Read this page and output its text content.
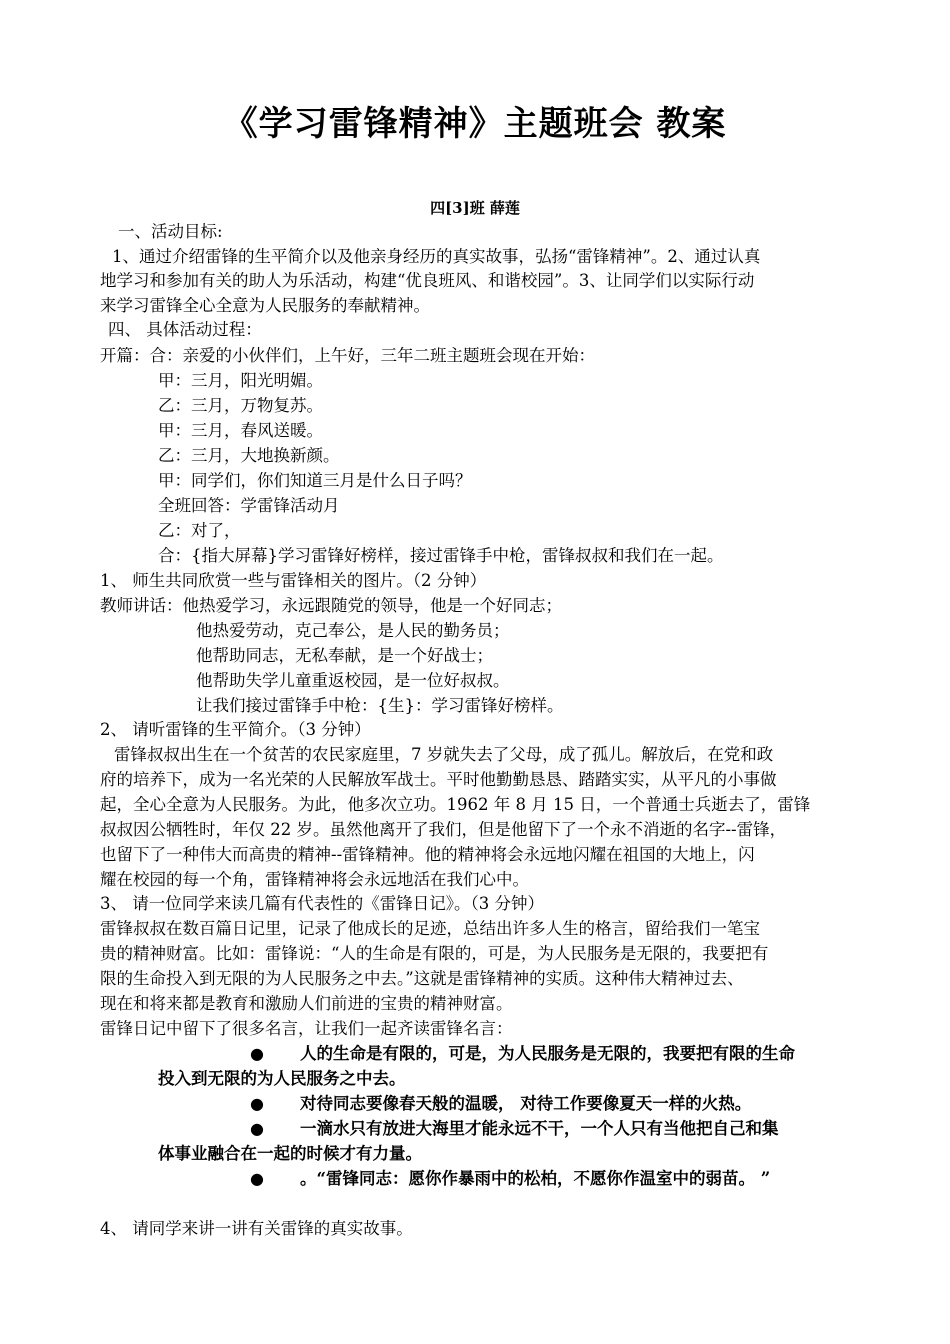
《学习雷锋精神》主题班会 教案
四[3]班 薛莲
一、活动目标:
1、通过介绍雷锋的生平简介以及他亲身经历的真实故事，弘扬“雷锋精神”。2、通过认真
地学习和参加有关的助人为乐活动，构建“优良班风、和谐校园”。3、让同学们以实际行动
来学习雷锋全心全意为人民服务的奉献精神。
四、 具体活动过程：
开篇：合：亲爱的小伙伴们，上午好，三年二班主题班会现在开始：
甲：三月，阳光明媚。
乙：三月，万物复苏。
甲：三月，春风送暖。
乙：三月，大地换新颜。
甲：同学们，你们知道三月是什么日子吗？
全班回答：学雷锋活动月
乙：对了，
合：{指大屏幕}学习雷锋好榜样，接过雷锋手中枪，雷锋叔叔和我们在一起。
1、 师生共同欣赏一些与雷锋相关的图片。（2 分钟）
教师讲话：他热爱学习，永远跟随党的领导，他是一个好同志；
他热爱劳动，克己奉公，是人民的勤务员；
他帮助同志，无私奉献，是一个好战士；
他帮助失学儿童重返校园，是一位好叔叔。
让我们接过雷锋手中枪：{生}：学习雷锋好榜样。
2、 请听雷锋的生平简介。（3 分钟）
雷锋叔叔出生在一个贫苦的农民家庭里，7 岁就失去了父母，成了孤儿。解放后，在党和政
府的培养下，成为一名光荣的人民解放军战士。平时他勤勤恳恳、踏踏实实，从平凡的小事做
起，全心全意为人民服务。为此，他多次立功。1962 年 8 月 15 日，一个普通士兵逝去了，雷锋
叔叔因公牺牲时，年仅 22 岁。虽然他离开了我们，但是他留下了一个永不消逝的名字--雷锋，
也留下了一种伟大而高贵的精神--雷锋精神。他的精神将会永远地闪耀在祖国的大地上，闪
耀在校园的每一个角，雷锋精神将会永远地活在我们心中。
3、 请一位同学来读几篇有代表性的《雷锋日记》。（3 分钟）
雷锋叔叔在数百篇日记里，记录了他成长的足迹，总结出许多人生的格言，留给我们一笔宝
贵的精神财富。比如：雷锋说：“人的生命是有限的，可是，为人民服务是无限的，我要把有
限的生命投入到无限的为人民服务之中去。”这就是雷锋精神的实质。这种伟大精神过去、
现在和将来都是教育和激励人们前进的宝贵的精神财富。
雷锋日记中留下了很多名言，让我们一起齐读雷锋名言：
● 人的生命是有限的，可是，为人民服务是无限的，我要把有限的生命
投入到无限的为人民服务之中去。
● 对待同志要像春天般的温暖， 对待工作要像夏天一样的火热。
● 一滴水只有放进大海里才能永远不干，一个人只有当他把自己和集
体事业融合在一起的时候才有力量。
● 。“雷锋同志：愿你作暴雨中的松柏，不愿你作温室中的弱苗。 ”
4、 请同学来讲一讲有关雷锋的真实故事。
